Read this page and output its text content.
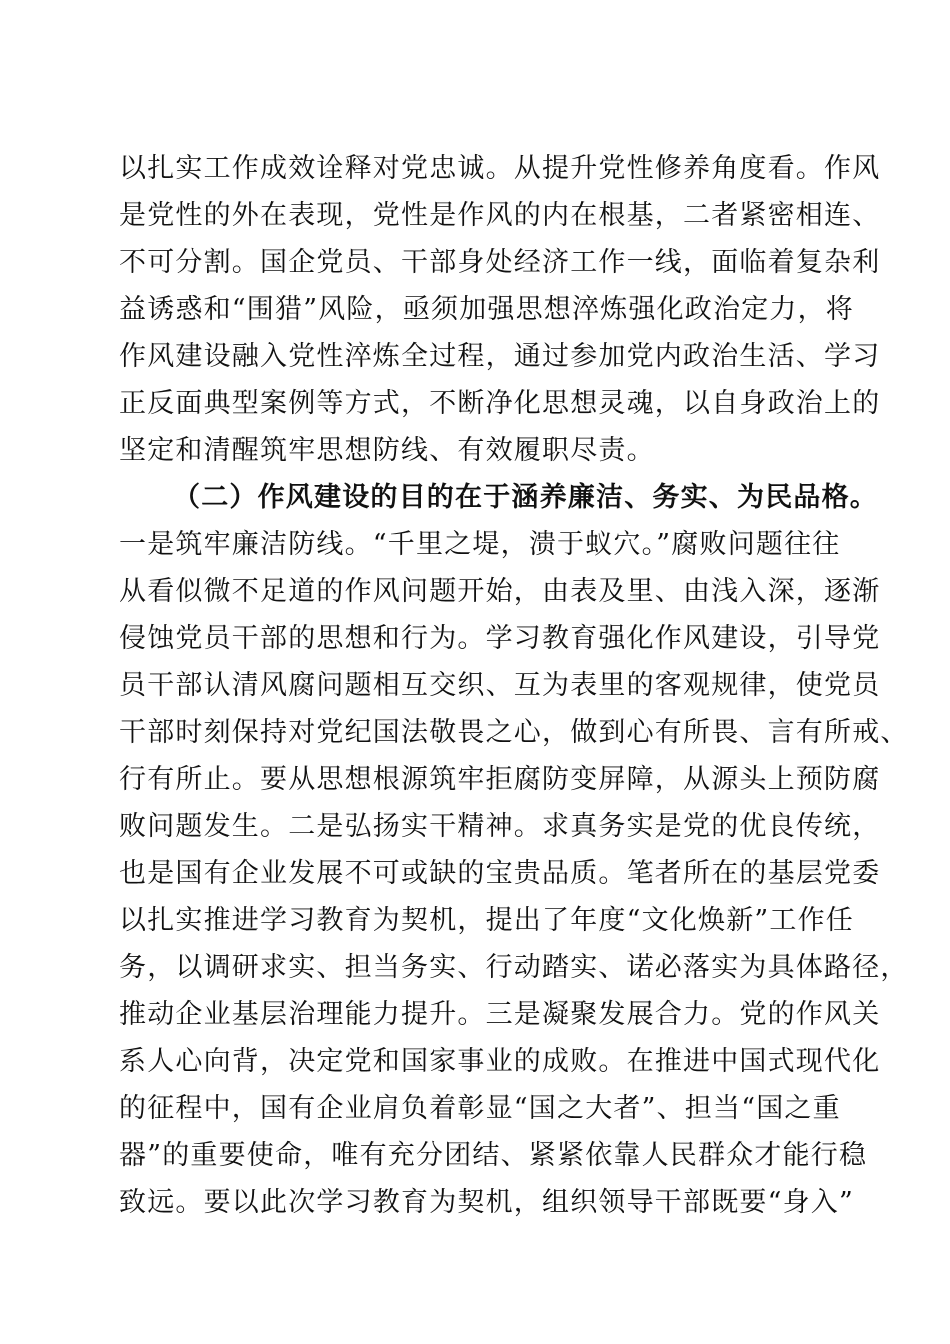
以扎实工作成效诠释对党忠诚。从提升党性修养角度看。作风
是党性的外在表现，党性是作风的内在根基，二者紧密相连、
不可分割。国企党员、干部身处经济工作一线，面临着复杂利
益诱惑和“围猎”风险，亟须加强思想淬炼强化政治定力，将
作风建设融入党性淬炼全过程，通过参加党内政治生活、学习
正反面典型案例等方式，不断净化思想灵魂，以自身政治上的
坚定和清醒筑牢思想防线、有效履职尽责。
（二）作风建设的目的在于涵养廉洁、务实、为民品格。
一是筑牢廉洁防线。“千里之堤，溃于蚁穴。”腐败问题往往
从看似微不足道的作风问题开始，由表及里、由浅入深，逐渐
侵蚀党员干部的思想和行为。学习教育强化作风建设，引导党
员干部认清风腐问题相互交织、互为表里的客观规律，使党员
干部时刻保持对党纪国法敬畏之心，做到心有所畏、言有所戒、
行有所止。要从思想根源筑牢拒腐防变屏障，从源头上预防腐
败问题发生。二是弘扬实干精神。求真务实是党的优良传统，
也是国有企业发展不可或缺的宝贵品质。笔者所在的基层党委
以扎实推进学习教育为契机，提出了年度“文化焕新”工作任
务，以调研求实、担当务实、行动踏实、诺必落实为具体路径，
推动企业基层治理能力提升。三是凝聚发展合力。党的作风关
系人心向背，决定党和国家事业的成败。在推进中国式现代化
的征程中，国有企业肩负着彰显“国之大者”、担当“国之重
器”的重要使命，唯有充分团结、紧紧依靠人民群众才能行稳
致远。要以此次学习教育为契机，组织领导干部既要“身入”
